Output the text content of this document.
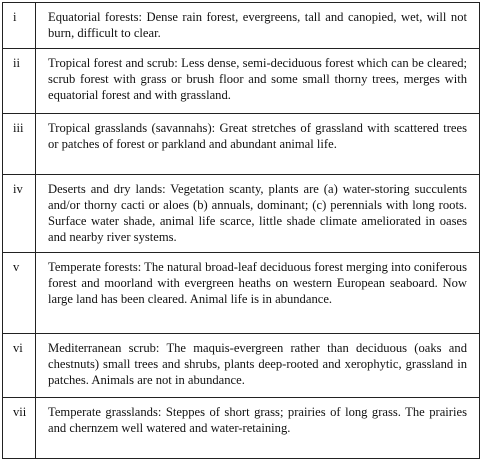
i	Equatorial forests: Dense rain forest, evergreens, tall and canopied, wet, will not burn, difficult to clear.
ii	Tropical forest and scrub: Less dense, semi-deciduous forest which can be cleared; scrub forest with grass or brush floor and some small thorny trees, merges with equatorial forest and with grassland.
iii	Tropical grasslands (savannahs): Great stretches of grassland with scattered trees or patches of forest or parkland and abundant animal life.
iv	Deserts and dry lands: Vegetation scanty, plants are (a) water-storing succulents and/or thorny cacti or aloes (b) annuals, dominant; (c) perennials with long roots. Surface water shade, animal life scarce, little shade climate ameliorated in oases and nearby river systems.
v	Temperate forests: The natural broad-leaf deciduous forest merging into coniferous forest and moorland with evergreen heaths on western European seaboard. Now large land has been cleared. Animal life is in abundance.
vi	Mediterranean scrub: The maquis-evergreen rather than deciduous (oaks and chestnuts) small trees and shrubs, plants deep-rooted and xerophytic, grassland in patches. Animals are not in abundance.
vii	Temperate grasslands: Steppes of short grass; prairies of long grass. The prairies and chernzem well watered and water-retaining.
